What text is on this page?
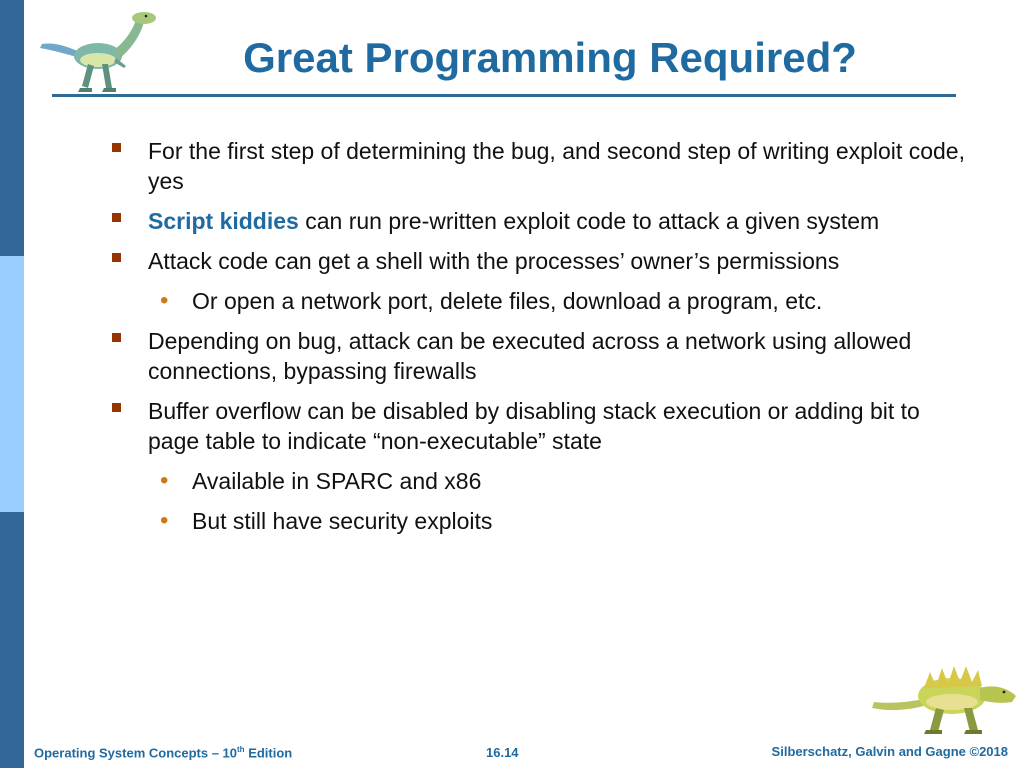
Great Programming Required?
For the first step of determining the bug, and second step of writing exploit code, yes
Script kiddies can run pre-written exploit code to attack a given system
Attack code can get a shell with the processes’ owner’s permissions
• Or open a network port, delete files, download a program, etc.
Depending on bug, attack can be executed across a network using allowed connections, bypassing firewalls
Buffer overflow can be disabled by disabling stack execution or adding bit to page table to indicate “non-executable” state
• Available in SPARC and x86
• But still have security exploits
Operating System Concepts – 10th Edition	16.14	Silberschatz, Galvin and Gagne ©2018
